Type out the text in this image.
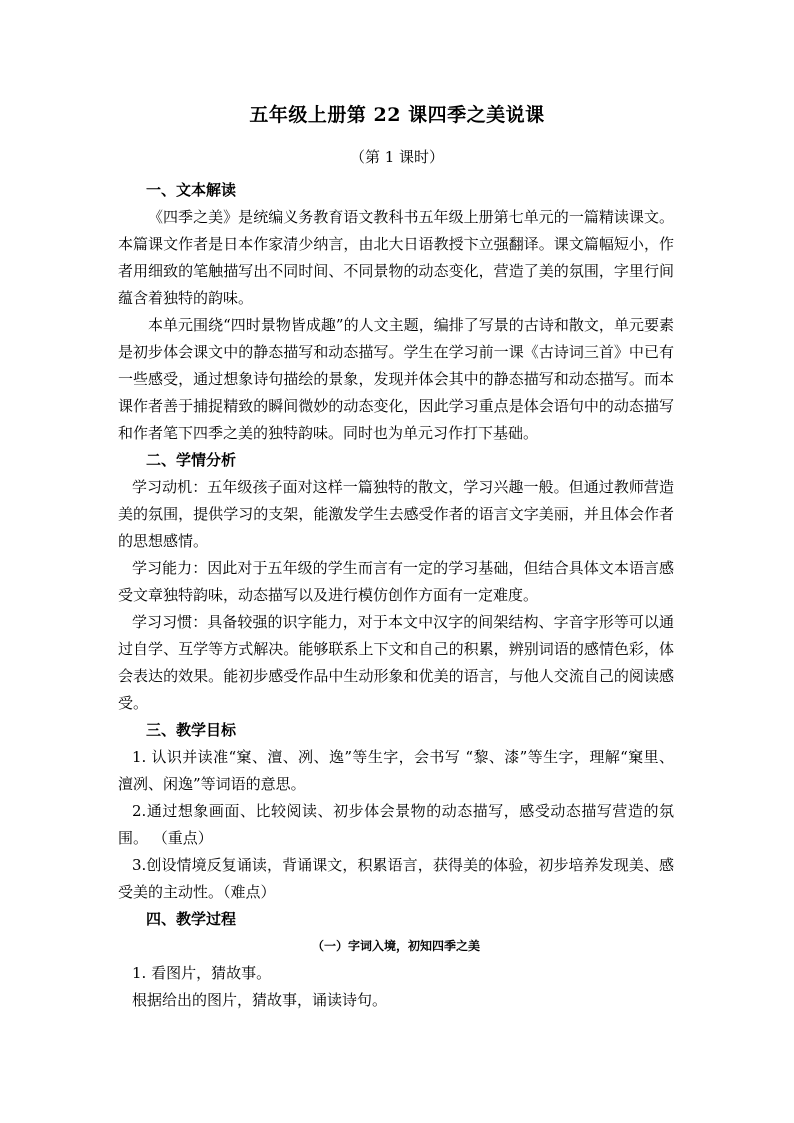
五年级上册第 22 课四季之美说课
（第 1 课时）

一、文本解读

《四季之美》是统编义务教育语文教科书五年级上册第七单元的一篇精读课文。本篇课文作者是日本作家清少纳言，由北大日语教授卞立强翻译。课文篇幅短小，作者用细致的笔触描写出不同时间、不同景物的动态变化，营造了美的氛围，字里行间蕴含着独特的韵味。

本单元围绕“四时景物皆成趣”的人文主题，编排了写景的古诗和散文，单元要素是初步体会课文中的静态描写和动态描写。学生在学习前一课《古诗词三首》中已有一些感受，通过想象诗句描绘的景象，发现并体会其中的静态描写和动态描写。而本课作者善于捕捉精致的瞬间微妙的动态变化，因此学习重点是体会语句中的动态描写和作者笔下四季之美的独特韵味。同时也为单元习作打下基础。

二、学情分析

学习动机：五年级孩子面对这样一篇独特的散文，学习兴趣一般。但通过教师营造美的氛围，提供学习的支架，能激发学生去感受作者的语言文字美丽，并且体会作者的思想感情。

学习能力：因此对于五年级的学生而言有一定的学习基础，但结合具体文本语言感受文章独特韵味，动态描写以及进行模仿创作方面有一定难度。

学习习惯：具备较强的识字能力，对于本文中汉字的间架结构、字音字形等可以通过自学、互学等方式解决。能够联系上下文和自己的积累，辨别词语的感情色彩，体会表达的效果。能初步感受作品中生动形象和优美的语言，与他人交流自己的阅读感受。

三、教学目标

1. 认识并读准“窠、澶、冽、逸”等生字，会书写 “黎、漆”等生字，理解“窠里、澶冽、闲逸”等词语的意思。

2.通过想象画面、比较阅读、初步体会景物的动态描写，感受动态描写营造的氛围。 （重点）

3.创设情境反复诵读，背诵课文，积累语言，获得美的体验，初步培养发现美、感受美的主动性。（难点）

四、教学过程

（一）字词入境，初知四季之美

1. 看图片，猜故事。

根据给出的图片，猜故事，诵读诗句。
